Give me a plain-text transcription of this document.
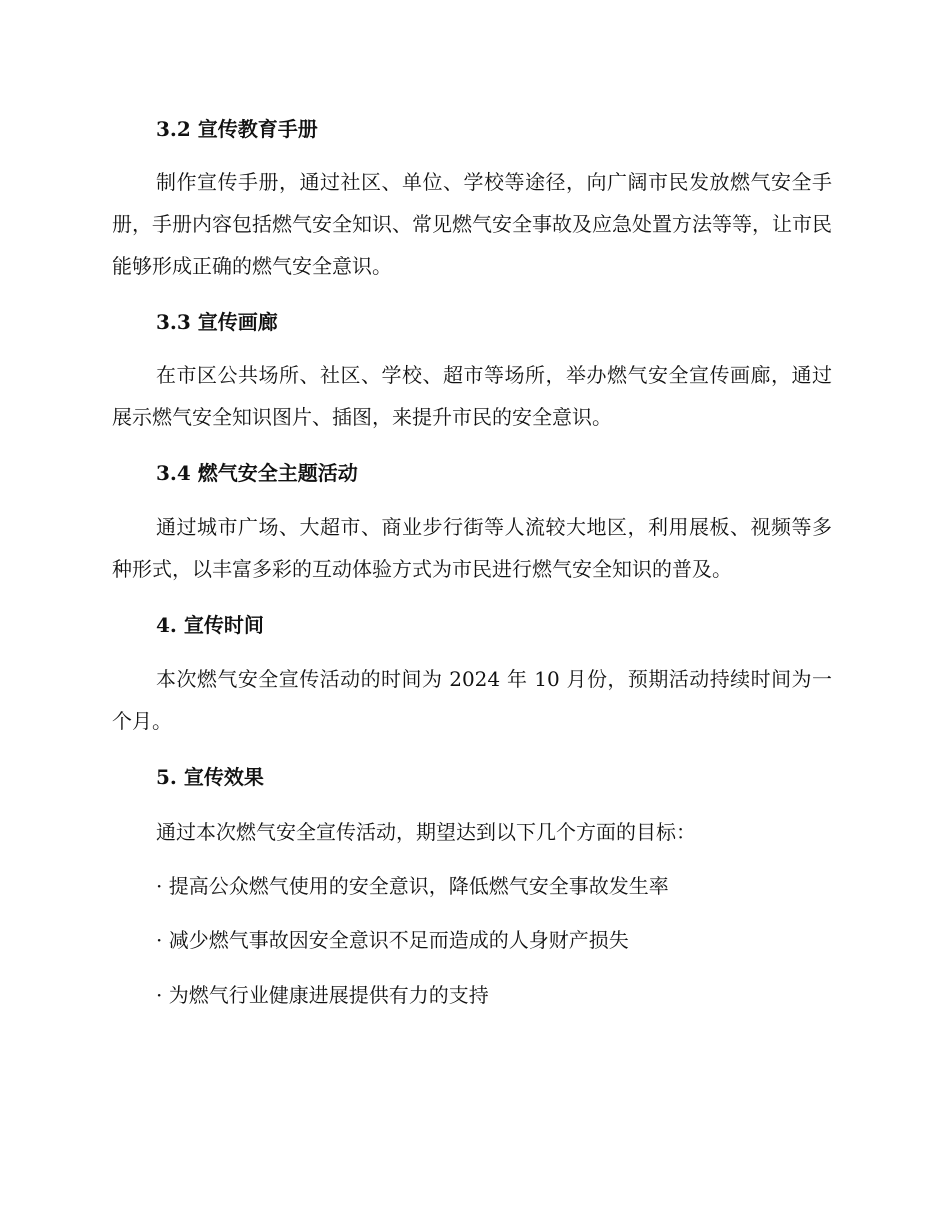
3.2 宣传教育手册
制作宣传手册，通过社区、单位、学校等途径，向广阔市民发放燃气安全手册，手册内容包括燃气安全知识、常见燃气安全事故及应急处置方法等等，让市民能够形成正确的燃气安全意识。
3.3 宣传画廊
在市区公共场所、社区、学校、超市等场所，举办燃气安全宣传画廊，通过展示燃气安全知识图片、插图，来提升市民的安全意识。
3.4 燃气安全主题活动
通过城市广场、大超市、商业步行街等人流较大地区，利用展板、视频等多种形式，以丰富多彩的互动体验方式为市民进行燃气安全知识的普及。
4. 宣传时间
本次燃气安全宣传活动的时间为 2024 年 10 月份，预期活动持续时间为一个月。
5. 宣传效果
通过本次燃气安全宣传活动，期望达到以下几个方面的目标：
· 提高公众燃气使用的安全意识，降低燃气安全事故发生率
· 减少燃气事故因安全意识不足而造成的人身财产损失
· 为燃气行业健康进展提供有力的支持
